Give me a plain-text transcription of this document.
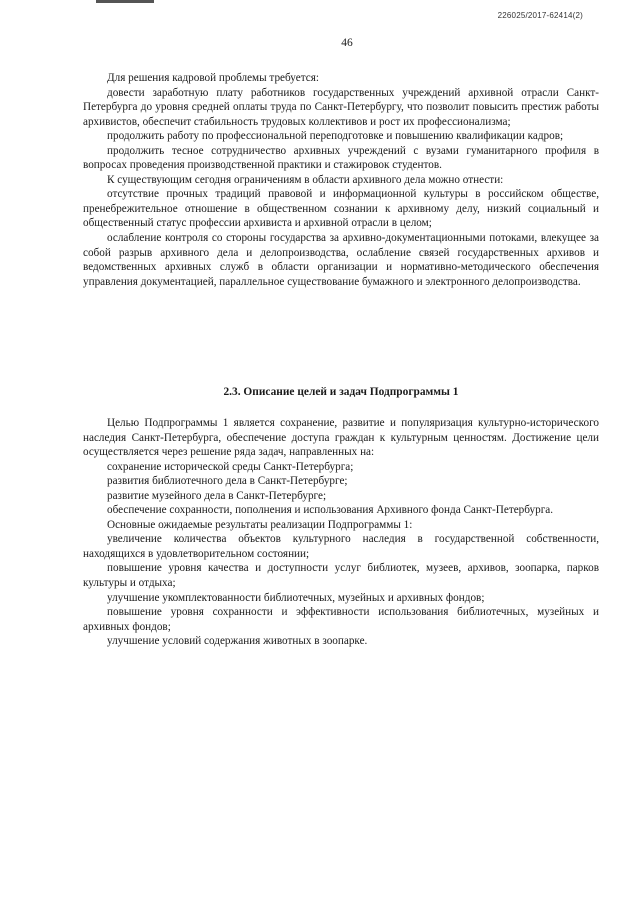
226025/2017-62414(2)
46

Для решения кадровой проблемы требуется:

довести заработную плату работников государственных учреждений архивной отрасли Санкт-Петербурга до уровня средней оплаты труда по Санкт-Петербургу, что позволит повысить престиж работы архивистов, обеспечит стабильность трудовых коллективов и рост их профессионализма;

продолжить работу по профессиональной переподготовке и повышению квалификации кадров;

продолжить тесное сотрудничество архивных учреждений с вузами гуманитарного профиля в вопросах проведения производственной практики и стажировок студентов.

К существующим сегодня ограничениям в области архивного дела можно отнести:

отсутствие прочных традиций правовой и информационной культуры в российском обществе, пренебрежительное отношение в общественном сознании к архивному делу, низкий социальный и общественный статус профессии архивиста и архивной отрасли в целом;

ослабление контроля со стороны государства за архивно-документационными потоками, влекущее за собой разрыв архивного дела и делопроизводства, ослабление связей государственных архивов и ведомственных архивных служб в области организации и нормативно-методического обеспечения управления документацией, параллельное существование бумажного и электронного делопроизводства.

2.3. Описание целей и задач Подпрограммы 1

Целью Подпрограммы 1 является сохранение, развитие и популяризация культурно-исторического наследия Санкт-Петербурга, обеспечение доступа граждан к культурным ценностям. Достижение цели осуществляется через решение ряда задач, направленных на:

сохранение исторической среды Санкт-Петербурга;

развития библиотечного дела в Санкт-Петербурге;

развитие музейного дела в Санкт-Петербурге;

обеспечение сохранности, пополнения и использования Архивного фонда Санкт-Петербурга.

Основные ожидаемые результаты реализации Подпрограммы 1:

увеличение количества объектов культурного наследия в государственной собственности, находящихся в удовлетворительном состоянии;

повышение уровня качества и доступности услуг библиотек, музеев, архивов, зоопарка, парков культуры и отдыха;

улучшение укомплектованности библиотечных, музейных и архивных фондов;

повышение уровня сохранности и эффективности использования библиотечных, музейных и архивных фондов;

улучшение условий содержания животных в зоопарке.
